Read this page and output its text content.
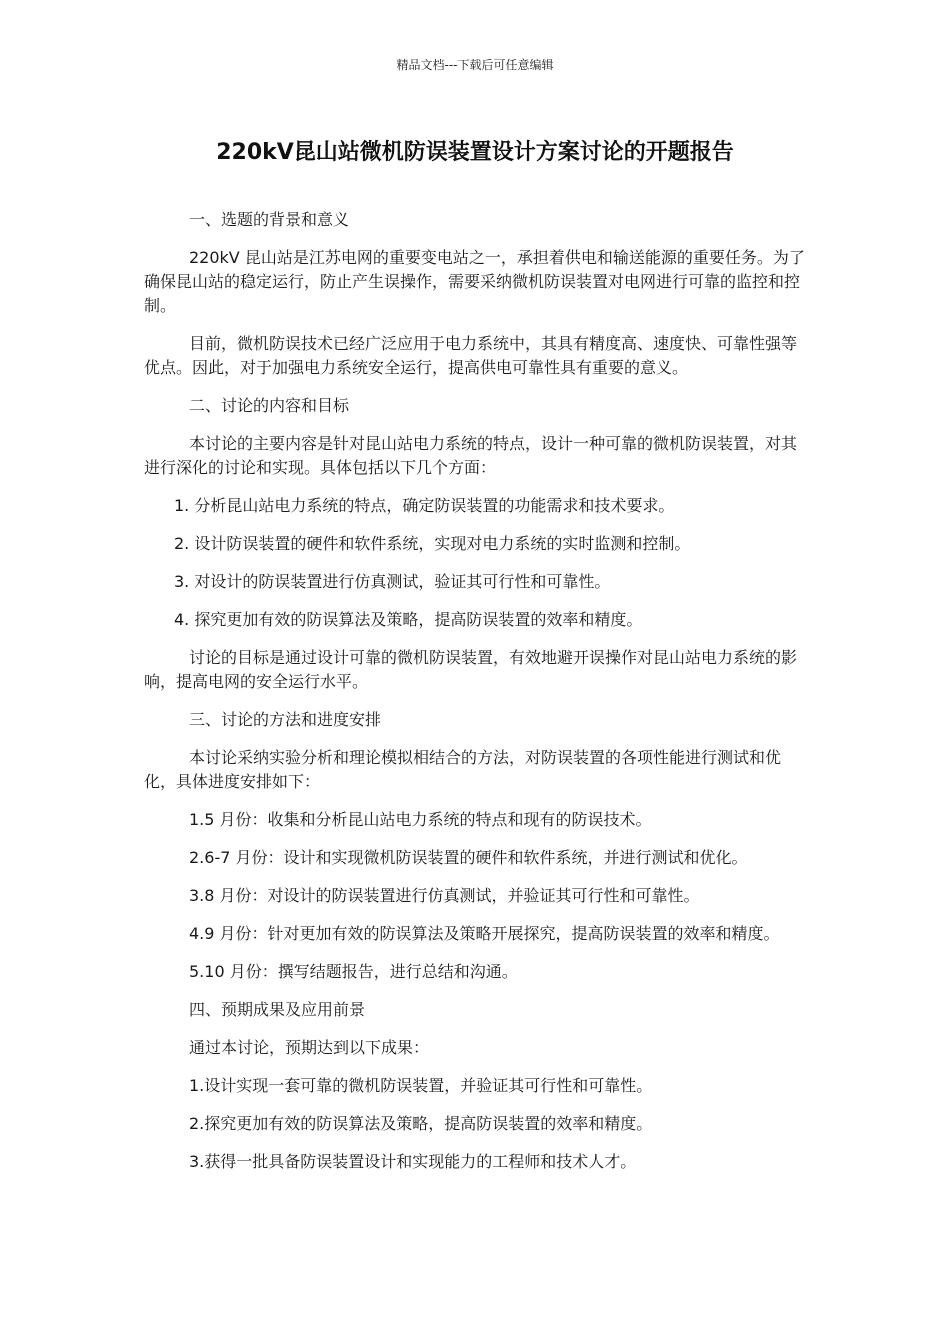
精品文档---下载后可任意编辑
220kV昆山站微机防误装置设计方案讨论的开题报告

一、选题的背景和意义

220kV 昆山站是江苏电网的重要变电站之一，承担着供电和输送能源的重要任务。为了确保昆山站的稳定运行，防止产生误操作，需要采纳微机防误装置对电网进行可靠的监控和控制。

目前，微机防误技术已经广泛应用于电力系统中，其具有精度高、速度快、可靠性强等优点。因此，对于加强电力系统安全运行，提高供电可靠性具有重要的意义。

二、讨论的内容和目标

本讨论的主要内容是针对昆山站电力系统的特点，设计一种可靠的微机防误装置，对其进行深化的讨论和实现。具体包括以下几个方面：

1. 分析昆山站电力系统的特点，确定防误装置的功能需求和技术要求。

2. 设计防误装置的硬件和软件系统，实现对电力系统的实时监测和控制。

3. 对设计的防误装置进行仿真测试，验证其可行性和可靠性。

4. 探究更加有效的防误算法及策略，提高防误装置的效率和精度。

讨论的目标是通过设计可靠的微机防误装置，有效地避开误操作对昆山站电力系统的影响，提高电网的安全运行水平。

三、讨论的方法和进度安排

本讨论采纳实验分析和理论模拟相结合的方法，对防误装置的各项性能进行测试和优化，具体进度安排如下：

1.5 月份：收集和分析昆山站电力系统的特点和现有的防误技术。

2.6-7 月份：设计和实现微机防误装置的硬件和软件系统，并进行测试和优化。

3.8 月份：对设计的防误装置进行仿真测试，并验证其可行性和可靠性。

4.9 月份：针对更加有效的防误算法及策略开展探究，提高防误装置的效率和精度。

5.10 月份：撰写结题报告，进行总结和沟通。

四、预期成果及应用前景

通过本讨论，预期达到以下成果：

1.设计实现一套可靠的微机防误装置，并验证其可行性和可靠性。

2.探究更加有效的防误算法及策略，提高防误装置的效率和精度。

3.获得一批具备防误装置设计和实现能力的工程师和技术人才。
